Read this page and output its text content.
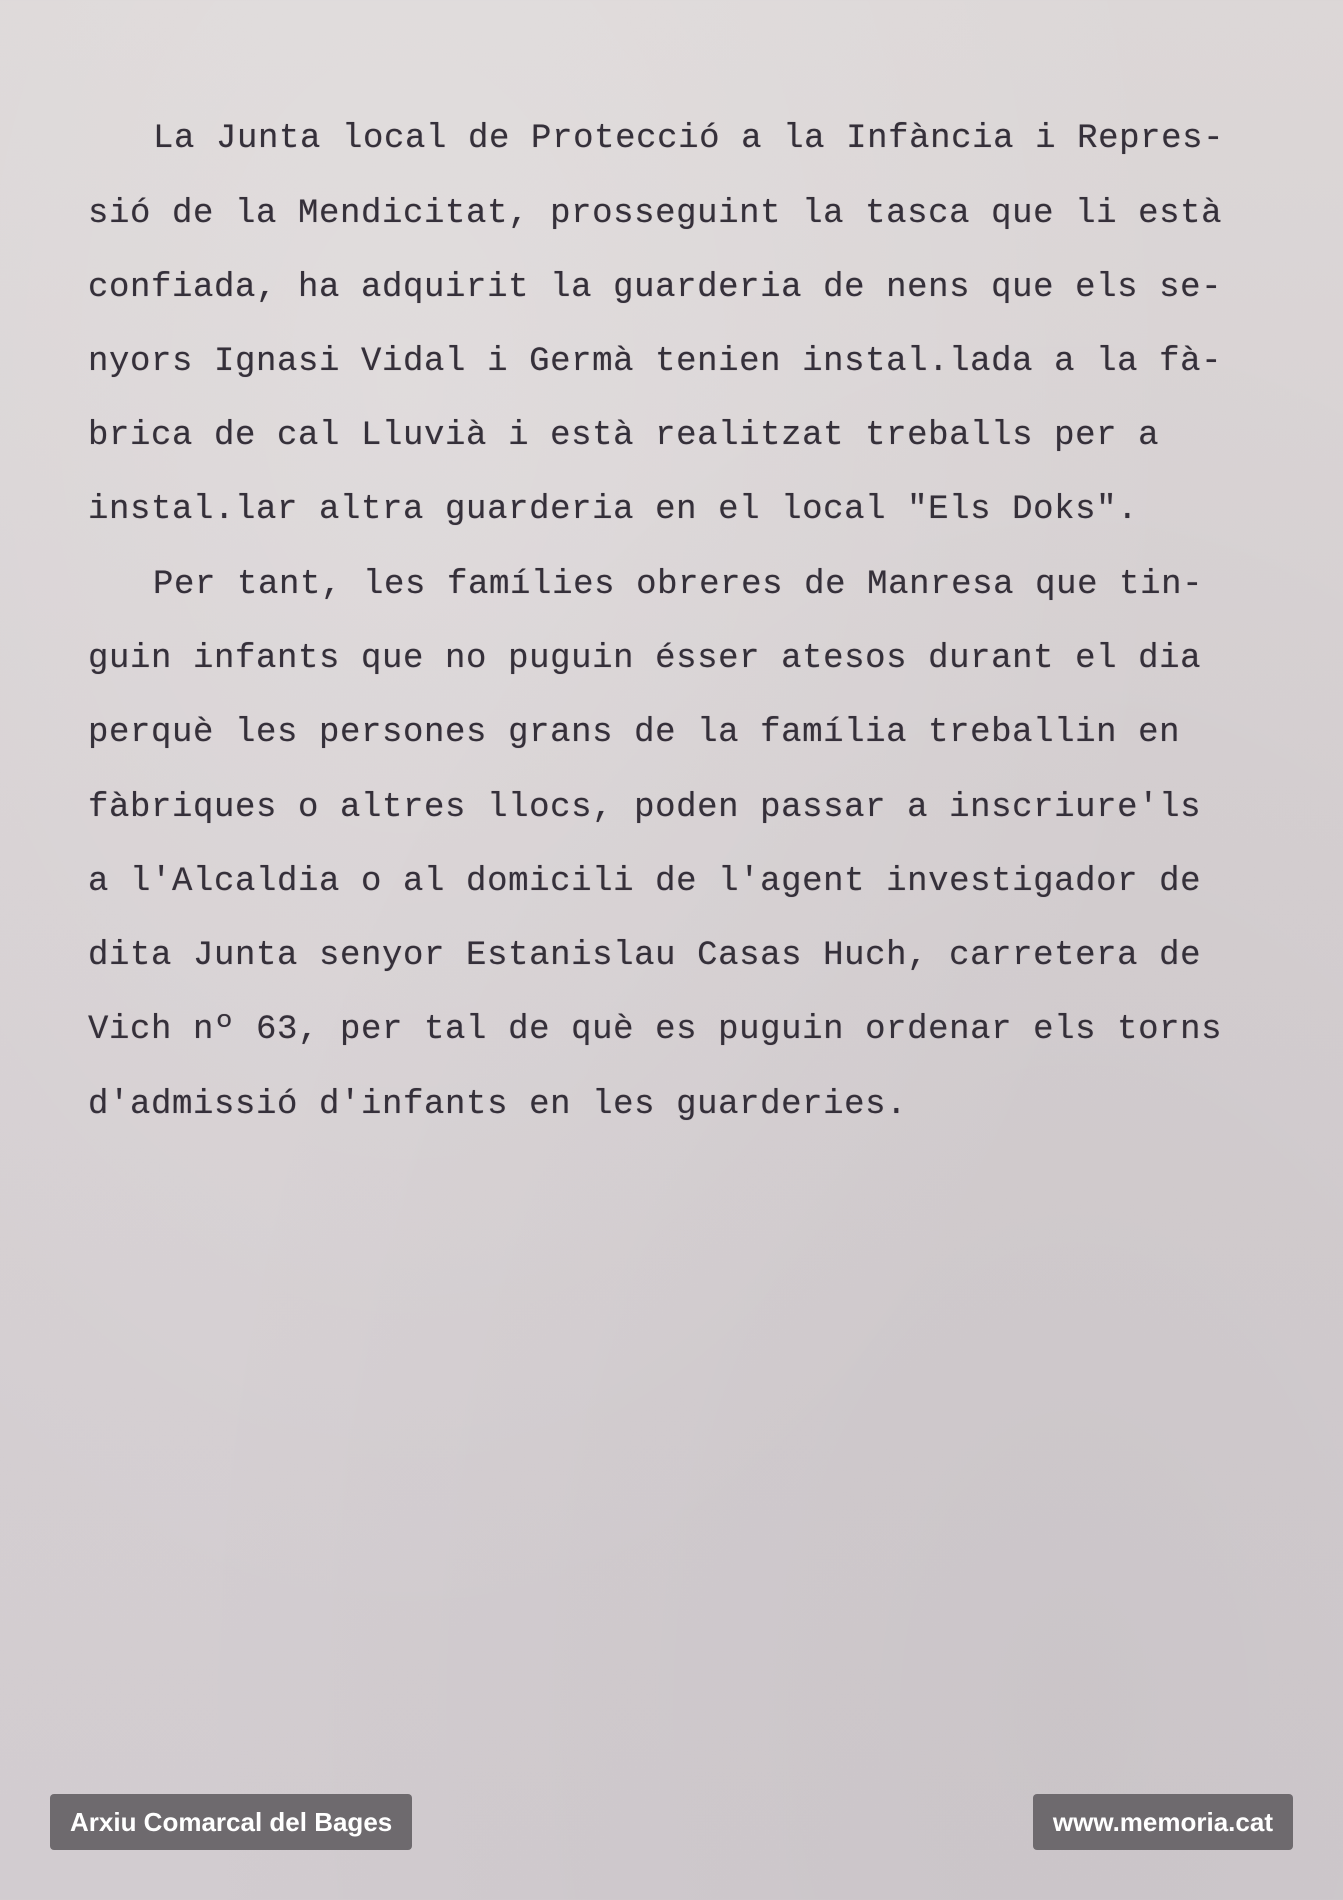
La Junta local de Protecció a la Infància i Repres-
sió de la Mendicitat, prosseguint la tasca que li està
confiada, ha adquirit la guarderia de nens que els se-
nyors Ignasi Vidal i Germà tenien instal.lada a la fà-
brica de cal Lluvià i està realitzat treballs per a
instal.lar altra guarderia en el local "Els Doks".
Per tant, les famílies obreres de Manresa que tin-
guin infants que no puguin ésser atesos durant el dia
perquè les persones grans de la família treballin en
fàbriques o altres llocs, poden passar a inscriure'ls
a l'Alcaldia o al domicili de l'agent investigador de
dita Junta senyor Estanislau Casas Huch, carretera de
Vich nº 63, per tal de què es puguin ordenar els torns
d'admissió d'infants en les guarderies.
Arxiu Comarcal del Bages	www.memoria.cat
